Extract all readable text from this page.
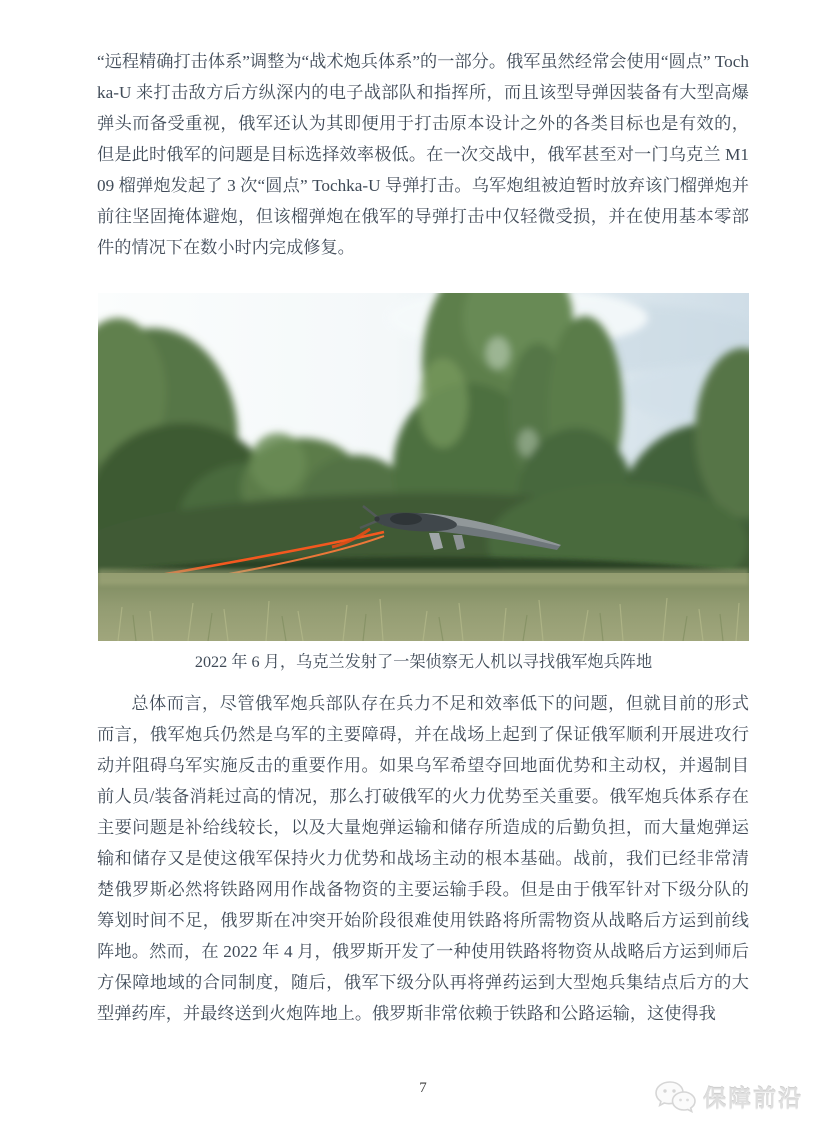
“远程精确打击体系”调整为“战术炮兵体系”的一部分。俄军虽然经常会使用“圆点” Tochka-U 来打击敌方后方纵深内的电子战部队和指挥所，而且该型导弹因装备有大型高爆弹头而备受重视，俄军还认为其即便用于打击原本设计之外的各类目标也是有效的，但是此时俄军的问题是目标选择效率极低。在一次交战中，俄军甚至对一门乌克兰 M109 榴弹炮发起了 3 次“圆点” Tochka-U 导弹打击。乌军炮组被迫暂时放弃该门榴弹炮并前往坚固掩体避炮，但该榴弹炮在俄军的导弹打击中仅轻微受损，并在使用基本零部件的情况下在数小时内完成修复。

2022 年 6 月，乌克兰发射了一架侦察无人机以寻找俄军炮兵阵地

总体而言，尽管俄军炮兵部队存在兵力不足和效率低下的问题，但就目前的形式而言，俄军炮兵仍然是乌军的主要障碍，并在战场上起到了保证俄军顺利开展进攻行动并阻碍乌军实施反击的重要作用。如果乌军希望夺回地面优势和主动权，并遏制目前人员/装备消耗过高的情况，那么打破俄军的火力优势至关重要。俄军炮兵体系存在主要问题是补给线较长，以及大量炮弹运输和储存所造成的后勤负担，而大量炮弹运输和储存又是使这俄军保持火力优势和战场主动的根本基础。战前，我们已经非常清楚俄罗斯必然将铁路网用作战备物资的主要运输手段。但是由于俄军针对下级分队的筹划时间不足，俄罗斯在冲突开始阶段很难使用铁路将所需物资从战略后方运到前线阵地。然而，在 2022 年 4 月，俄罗斯开发了一种使用铁路将物资从战略后方运到师后方保障地域的合同制度，随后，俄军下级分队再将弹药运到大型炮兵集结点后方的大型弹药库，并最终送到火炮阵地上。俄罗斯非常依赖于铁路和公路运输，这使得我

7	保障前沿
